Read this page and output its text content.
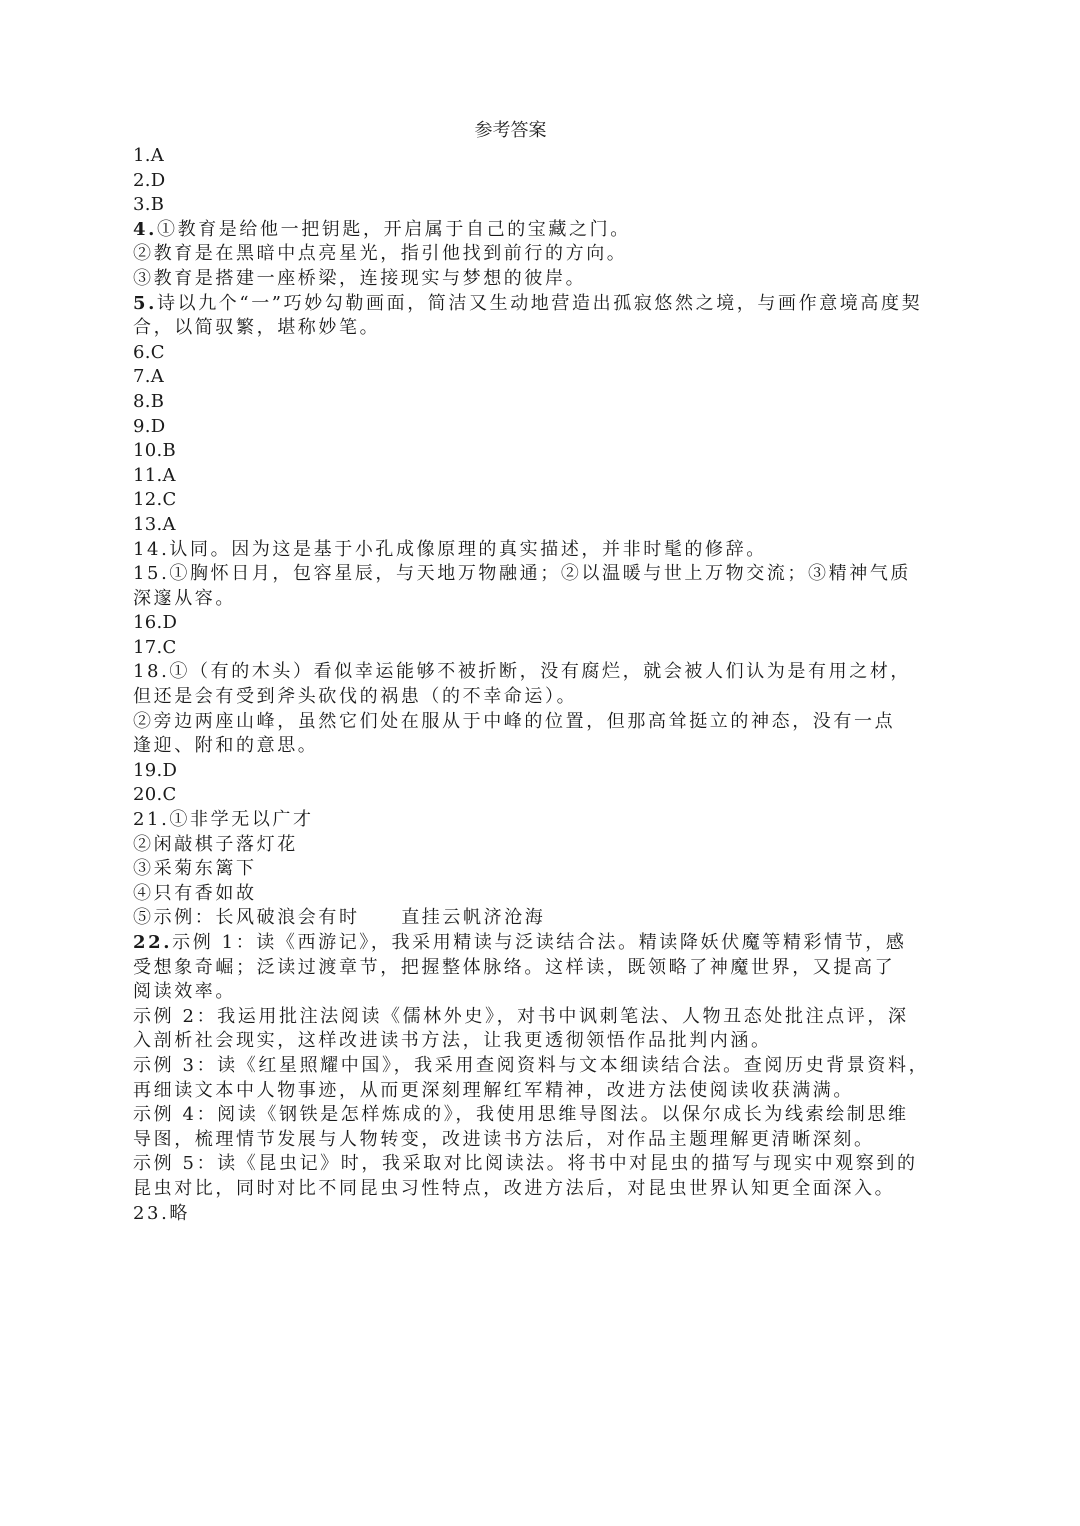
参考答案
1.A
2.D
3.B
4.①教育是给他一把钥匙，开启属于自己的宝藏之门。
②教育是在黑暗中点亮星光，指引他找到前行的方向。
③教育是搭建一座桥梁，连接现实与梦想的彼岸。
5.诗以九个“一”巧妙勾勒画面，简洁又生动地营造出孤寂悠然之境，与画作意境高度契
合，以简驭繁，堪称妙笔。
6.C
7.A
8.B
9.D
10.B
11.A
12.C
13.A
14.认同。因为这是基于小孔成像原理的真实描述，并非时髦的修辞。
15.①胸怀日月，包容星辰，与天地万物融通；②以温暖与世上万物交流；③精神气质
深邃从容。
16.D
17.C
18.①（有的木头）看似幸运能够不被折断，没有腐烂，就会被人们认为是有用之材，
但还是会有受到斧头砍伐的祸患（的不幸命运）。
②旁边两座山峰，虽然它们处在服从于中峰的位置，但那高耸挺立的神态，没有一点
逢迎、附和的意思。
19.D
20.C
21.①非学无以广才
②闲敲棋子落灯花
③采菊东篱下
④只有香如故
⑤示例：长风破浪会有时     直挂云帆济沧海
22.示例 1：读《西游记》，我采用精读与泛读结合法。精读降妖伏魔等精彩情节，感
受想象奇崛；泛读过渡章节，把握整体脉络。这样读，既领略了神魔世界，又提高了
阅读效率。
示例 2：我运用批注法阅读《儒林外史》，对书中讽刺笔法、人物丑态处批注点评，深
入剖析社会现实，这样改进读书方法，让我更透彻领悟作品批判内涵。
示例 3：读《红星照耀中国》，我采用查阅资料与文本细读结合法。查阅历史背景资料，
再细读文本中人物事迹，从而更深刻理解红军精神，改进方法使阅读收获满满。
示例 4：阅读《钢铁是怎样炼成的》，我使用思维导图法。以保尔成长为线索绘制思维
导图，梳理情节发展与人物转变，改进读书方法后，对作品主题理解更清晰深刻。
示例 5：读《昆虫记》时，我采取对比阅读法。将书中对昆虫的描写与现实中观察到的
昆虫对比，同时对比不同昆虫习性特点，改进方法后，对昆虫世界认知更全面深入。
23.略
